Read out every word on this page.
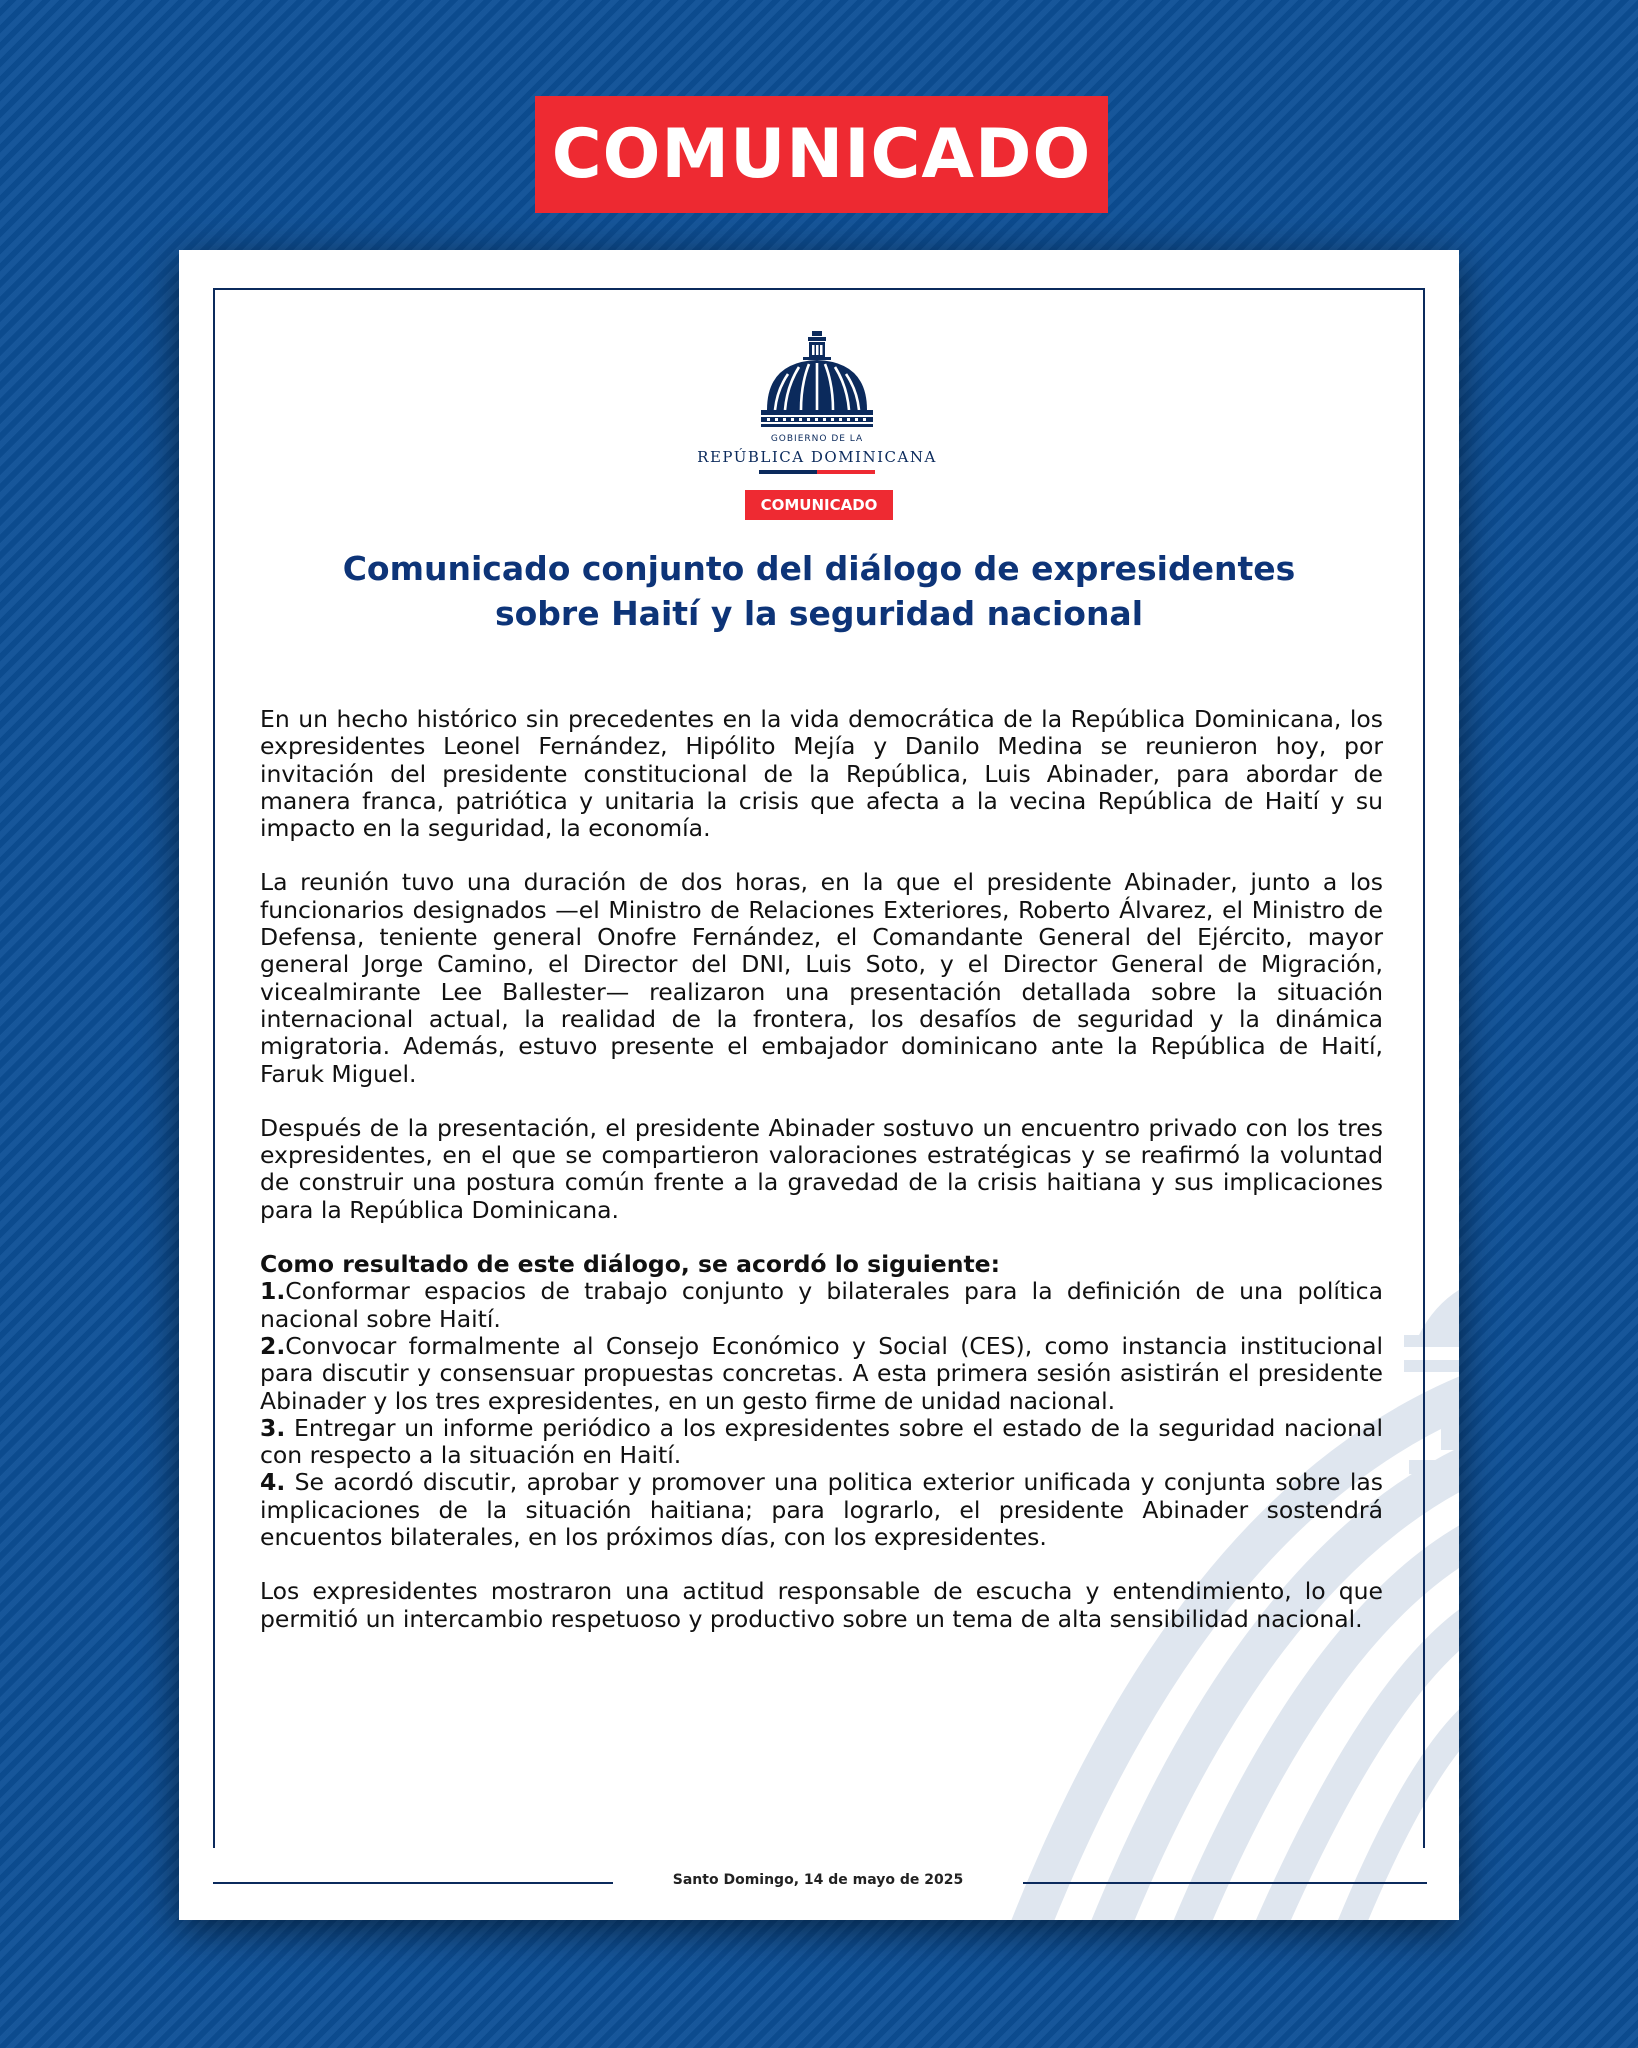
COMUNICADO
GOBIERNO DE LA
REPÚBLICA DOMINICANA
COMUNICADO
Comunicado conjunto del diálogo de expresidentes
sobre Haití y la seguridad nacional

En un hecho histórico sin precedentes en la vida democrática de la República Dominicana, los expresidentes Leonel Fernández, Hipólito Mejía y Danilo Medina se reunieron hoy, por invitación del presidente constitucional de la República, Luis Abinader, para abordar de manera franca, patriótica y unitaria la crisis que afecta a la vecina República de Haití y su impacto en la seguridad, la economía.

La reunión tuvo una duración de dos horas, en la que el presidente Abinader, junto a los funcionarios designados —el Ministro de Relaciones Exteriores, Roberto Álvarez, el Ministro de Defensa, teniente general Onofre Fernández, el Comandante General del Ejército, mayor general Jorge Camino, el Director del DNI, Luis Soto, y el Director General de Migración, vicealmirante Lee Ballester— realizaron una presentación detallada sobre la situación internacional actual, la realidad de la frontera, los desafíos de seguridad y la dinámica migratoria. Además, estuvo presente el embajador dominicano ante la República de Haití, Faruk Miguel.

Después de la presentación, el presidente Abinader sostuvo un encuentro privado con los tres expresidentes, en el que se compartieron valoraciones estratégicas y se reafirmó la voluntad de construir una postura común frente a la gravedad de la crisis haitiana y sus implicaciones para la República Dominicana.

Como resultado de este diálogo, se acordó lo siguiente:
1.Conformar espacios de trabajo conjunto y bilaterales para la definición de una política nacional sobre Haití.
2.Convocar formalmente al Consejo Económico y Social (CES), como instancia institucional para discutir y consensuar propuestas concretas. A esta primera sesión asistirán el presidente Abinader y los tres expresidentes, en un gesto firme de unidad nacional.
3. Entregar un informe periódico a los expresidentes sobre el estado de la seguridad nacional con respecto a la situación en Haití.
4. Se acordó discutir, aprobar y promover una politica exterior unificada y conjunta sobre las implicaciones de la situación haitiana; para lograrlo, el presidente Abinader sostendrá encuentos bilaterales, en los próximos días, con los expresidentes.

Los expresidentes mostraron una actitud responsable de escucha y entendimiento, lo que permitió un intercambio respetuoso y productivo sobre un tema de alta sensibilidad nacional.

Santo Domingo, 14 de mayo de 2025
